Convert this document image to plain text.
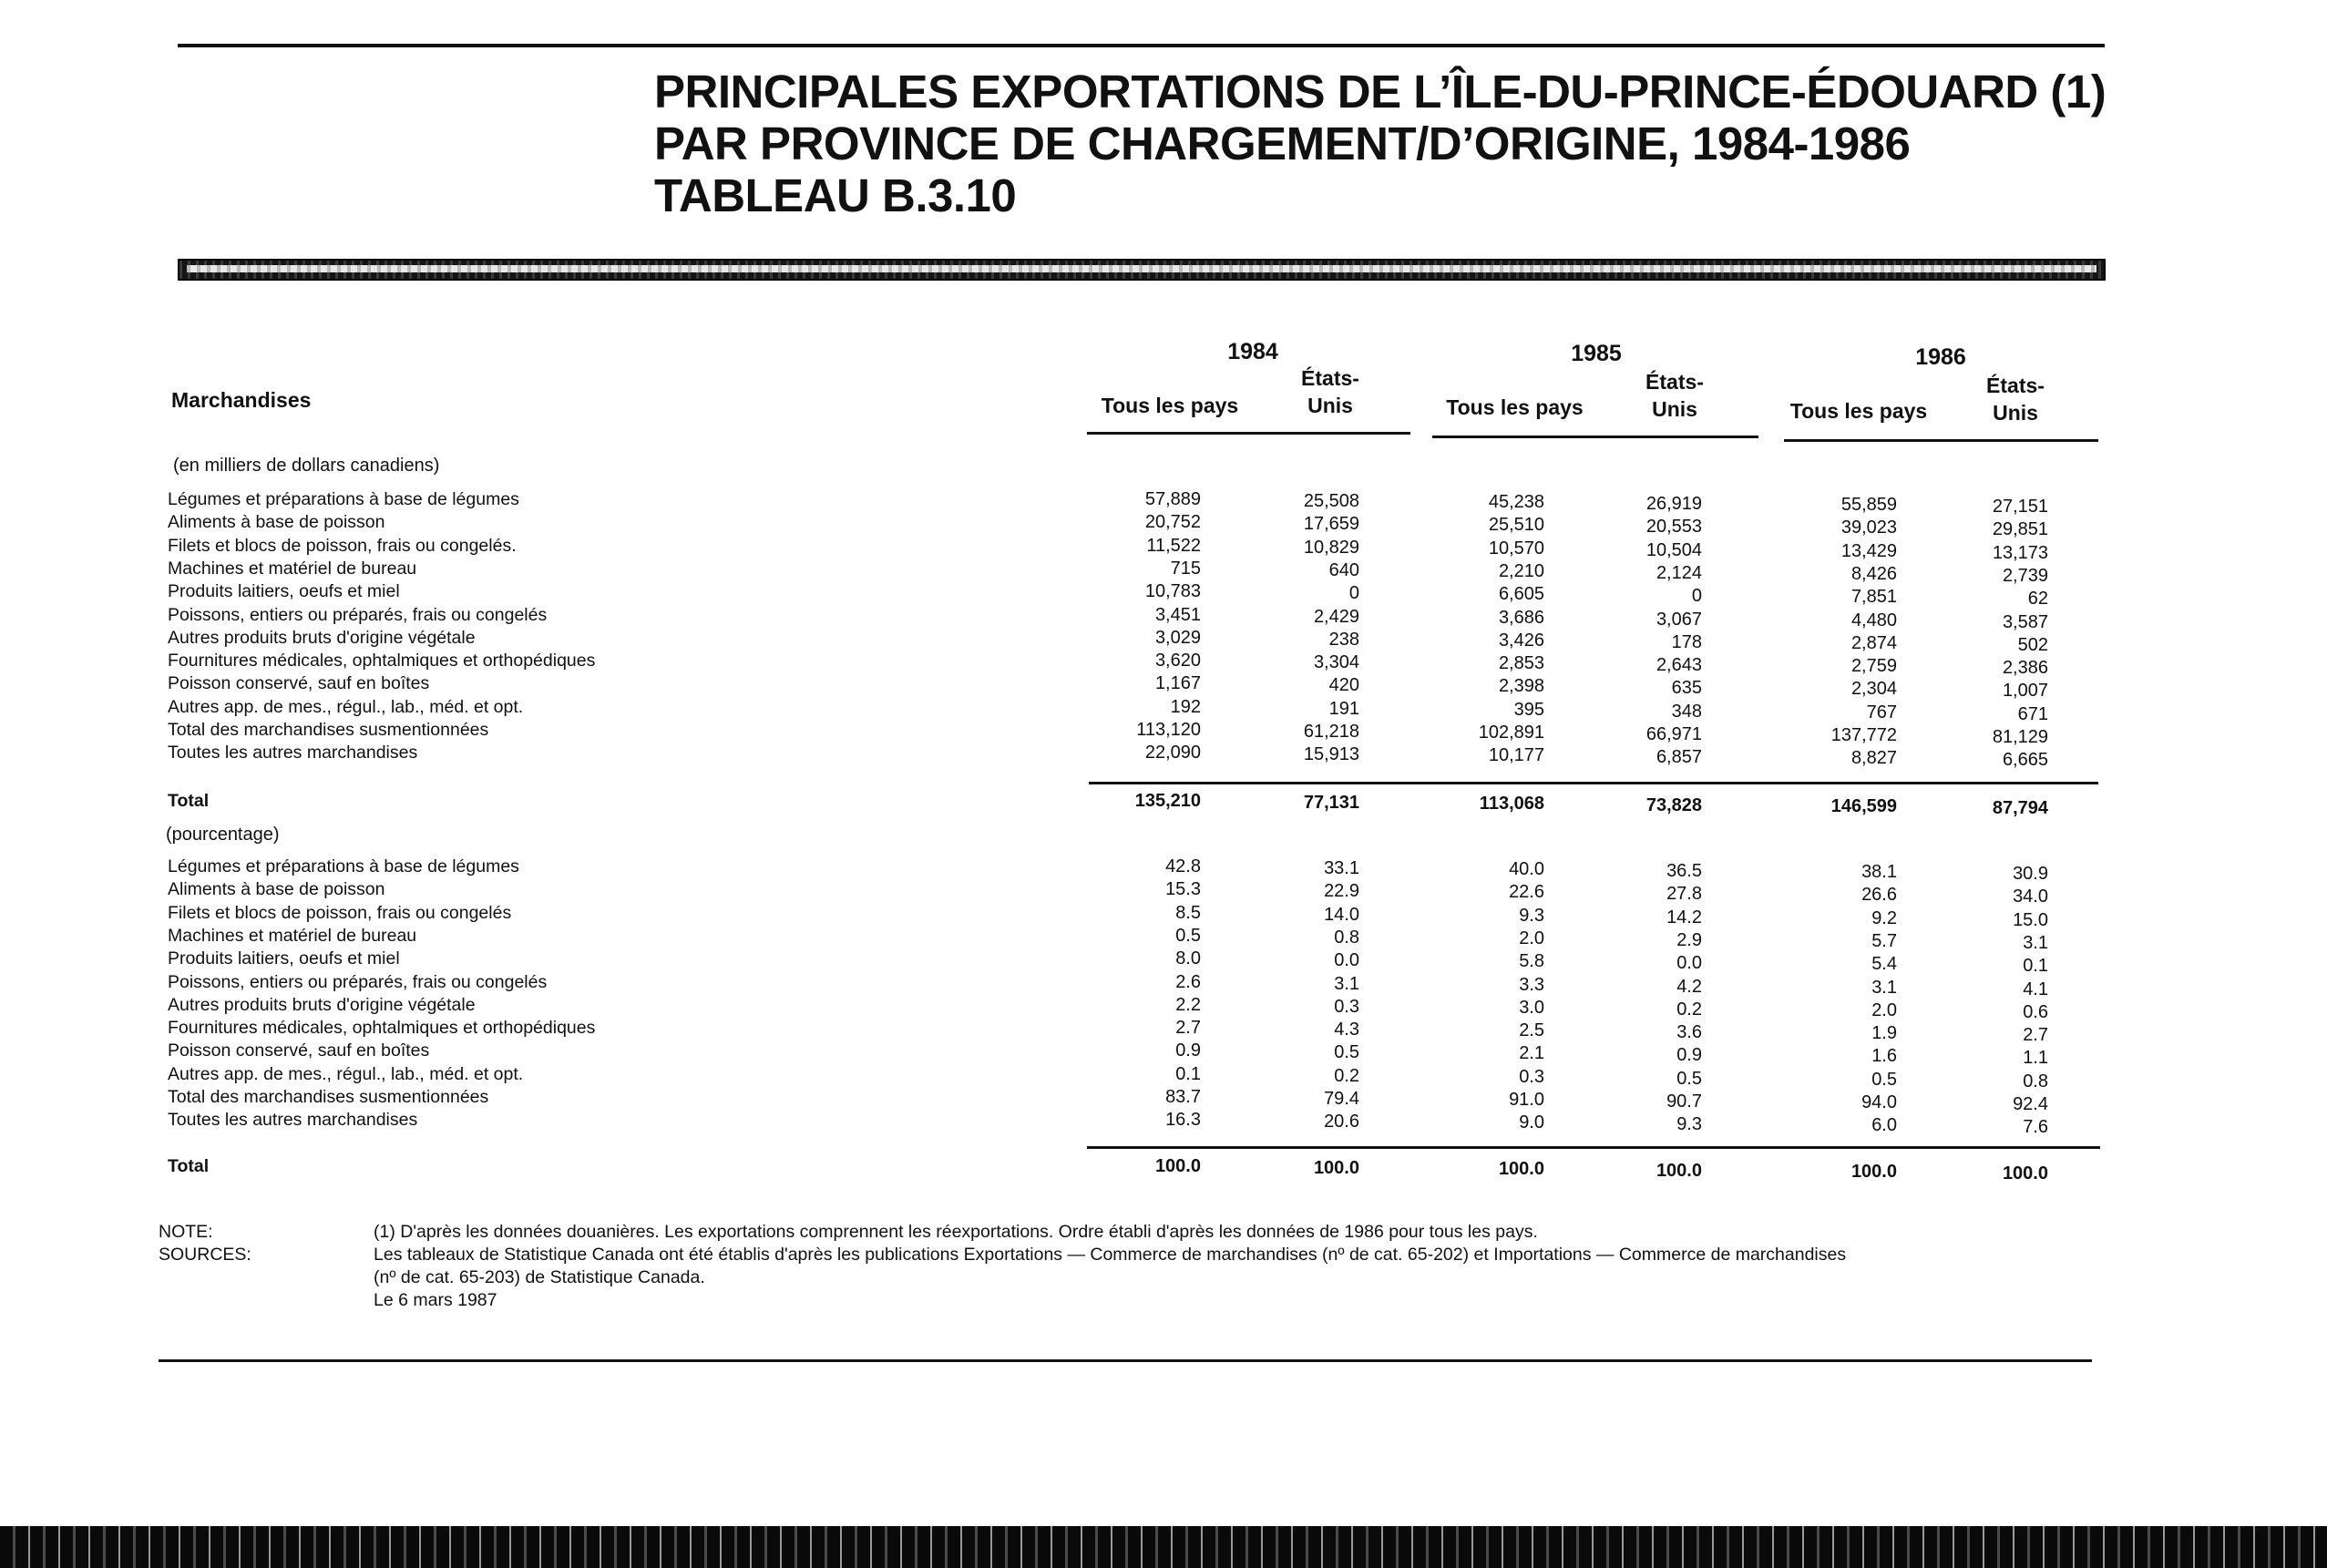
PRINCIPALES EXPORTATIONS DE L’ÎLE-DU-PRINCE-ÉDOUARD (1)
PAR PROVINCE DE CHARGEMENT/D’ORIGINE, 1984-1986
TABLEAU B.3.10
Marchandises
1984	1985	1986
Tous les pays
États-
Unis	Tous les pays
États-
Unis	Tous les pays
États-
Unis
(en milliers de dollars canadiens)
Légumes et préparations à base de légumes	57,889	25,508	45,238	26,919	55,859	27,151
Aliments à base de poisson	20,752	17,659	25,510	20,553	39,023	29,851
Filets et blocs de poisson, frais ou congelés.	11,522	10,829	10,570	10,504	13,429	13,173
Machines et matériel de bureau	715	640	2,210	2,124	8,426	2,739
Produits laitiers, oeufs et miel	10,783	0	6,605	0	7,851	62
Poissons, entiers ou préparés, frais ou congelés	3,451	2,429	3,686	3,067	4,480	3,587
Autres produits bruts d'origine végétale	3,029	238	3,426	178	2,874	502
Fournitures médicales, ophtalmiques et orthopédiques	3,620	3,304	2,853	2,643	2,759	2,386
Poisson conservé, sauf en boîtes	1,167	420	2,398	635	2,304	1,007
Autres app. de mes., régul., lab., méd. et opt.	192	191	395	348	767	671
Total des marchandises susmentionnées	113,120	61,218	102,891	66,971	137,772	81,129
Toutes les autres marchandises	22,090	15,913	10,177	6,857	8,827	6,665
Total	135,210	77,131	113,068	73,828	146,599	87,794
(pourcentage)
Légumes et préparations à base de légumes	42.8	33.1	40.0	36.5	38.1	30.9
Aliments à base de poisson	15.3	22.9	22.6	27.8	26.6	34.0
Filets et blocs de poisson, frais ou congelés	8.5	14.0	9.3	14.2	9.2	15.0
Machines et matériel de bureau	0.5	0.8	2.0	2.9	5.7	3.1
Produits laitiers, oeufs et miel	8.0	0.0	5.8	0.0	5.4	0.1
Poissons, entiers ou préparés, frais ou congelés	2.6	3.1	3.3	4.2	3.1	4.1
Autres produits bruts d'origine végétale	2.2	0.3	3.0	0.2	2.0	0.6
Fournitures médicales, ophtalmiques et orthopédiques	2.7	4.3	2.5	3.6	1.9	2.7
Poisson conservé, sauf en boîtes	0.9	0.5	2.1	0.9	1.6	1.1
Autres app. de mes., régul., lab., méd. et opt.	0.1	0.2	0.3	0.5	0.5	0.8
Total des marchandises susmentionnées	83.7	79.4	91.0	90.7	94.0	92.4
Toutes les autres marchandises	16.3	20.6	9.0	9.3	6.0	7.6
Total	100.0	100.0	100.0	100.0	100.0	100.0
NOTE:	(1) D'après les données douanières. Les exportations comprennent les réexportations. Ordre établi d'après les données de 1986 pour tous les pays.
SOURCES:	Les tableaux de Statistique Canada ont été établis d'après les publications Exportations — Commerce de marchandises (nº de cat. 65-202) et Importations — Commerce de marchandises
(nº de cat. 65-203) de Statistique Canada.
Le 6 mars 1987
